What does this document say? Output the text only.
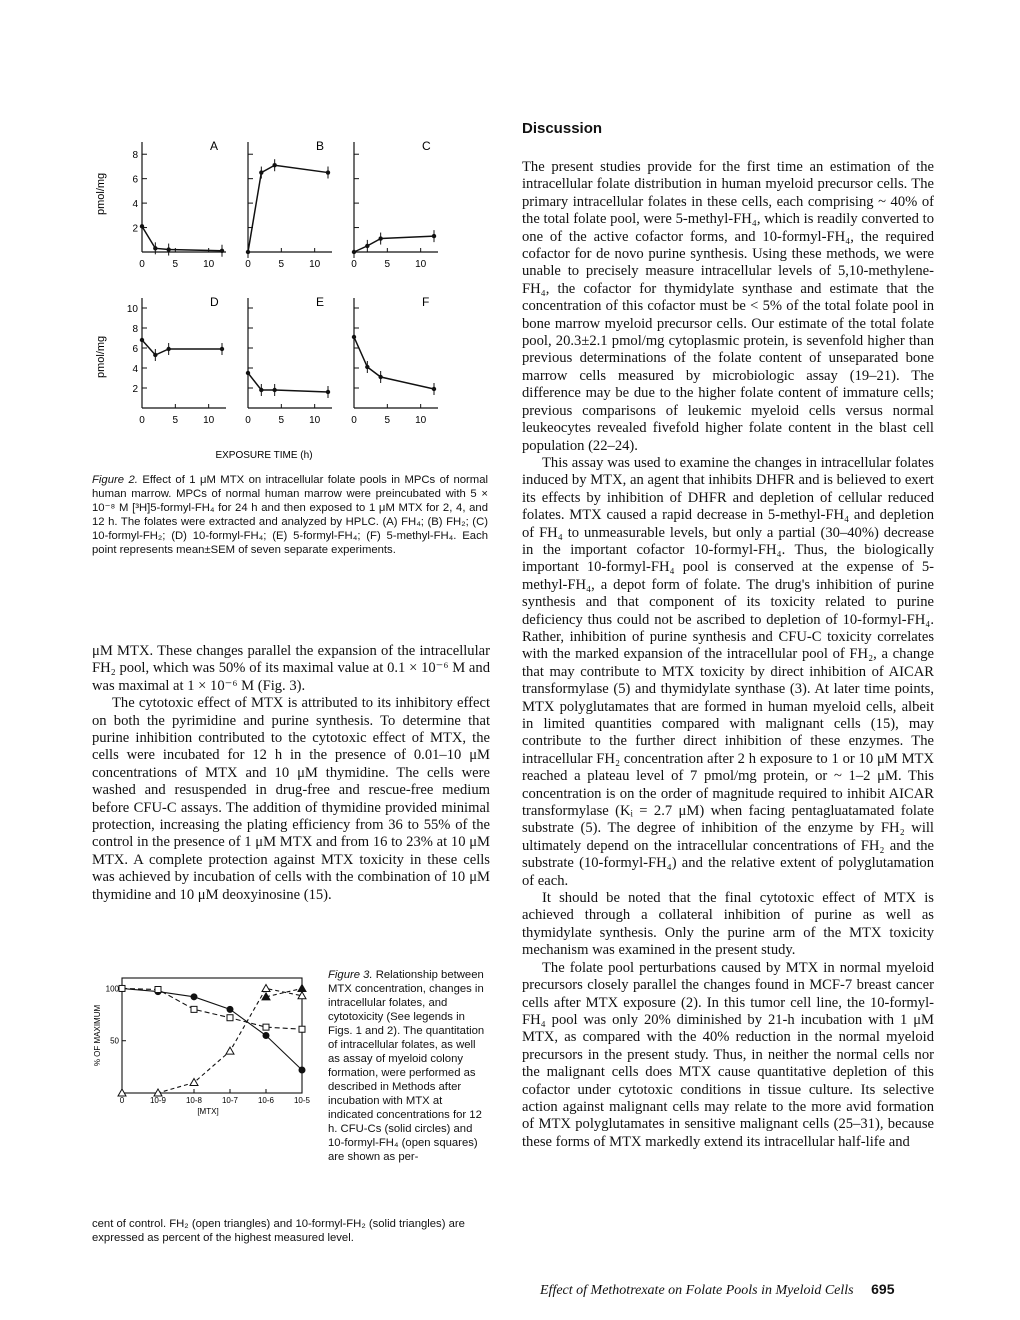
2
4
6
8
0	5 10
A
0	5 10
B
0	5 10
C
2
4
6
8
10
0	5 10
D
0	5 10
E
0	5 10
F
pmol/mg
pmol/mg
EXPOSURE TIME (h)
Figure 2. Effect of 1 μM MTX on intracellular folate pools in MPCs of normal human marrow. MPCs of normal human marrow were preincubated with 5 × 10⁻⁸ M [³H]5-formyl-FH₄ for 24 h and then exposed to 1 μM MTX for 2, 4, and 12 h. The folates were extracted and analyzed by HPLC. (A) FH₄; (B) FH₂; (C) 10-formyl-FH₂; (D) 10-formyl-FH₄; (E) 5-formyl-FH₄; (F) 5-methyl-FH₄. Each point represents mean±SEM of seven separate experiments.

μM MTX. These changes parallel the expansion of the intracellular FH₂ pool, which was 50% of its maximal value at 0.1 × 10⁻⁶ M and was maximal at 1 × 10⁻⁶ M (Fig. 3).

The cytotoxic effect of MTX is attributed to its inhibitory effect on both the pyrimidine and purine synthesis. To determine that purine inhibition contributed to the cytotoxic effect of MTX, the cells were incubated for 12 h in the presence of 0.01–10 μM concentrations of MTX and 10 μM thymidine. The cells were washed and resuspended in drug-free and rescue-free medium before CFU-C assays. The addition of thymidine provided minimal protection, increasing the plating efficiency from 36 to 55% of the control in the presence of 1 μM MTX and from 16 to 23% at 10 μM MTX. A complete protection against MTX toxicity in these cells was achieved by incubation of cells with the combination of 10 μM thymidine and 10 μM deoxyinosine (15).

0	10-9 10-8 10-7 10-6 10-5
50
100
[MTX]
% OF MAXIMUM
Figure 3. Relationship between MTX concentration, changes in intracellular folates, and cytotoxicity (See legends in Figs. 1 and 2). The quantitation of intracellular folates, as well as assay of myeloid colony formation, were performed as described in Methods after incubation with MTX at indicated concentrations for 12 h. CFU-Cs (solid circles) and 10-formyl-FH₄ (open squares) are shown as per-
cent of control. FH₂ (open triangles) and 10-formyl-FH₂ (solid triangles) are expressed as percent of the highest measured level.
Discussion

The present studies provide for the first time an estimation of the intracellular folate distribution in human myeloid precursor cells. The primary intracellular folates in these cells, each comprising ~ 40% of the total folate pool, were 5-methyl-FH₄, which is readily converted to one of the active cofactor forms, and 10-formyl-FH₄, the required cofactor for de novo purine synthesis. Using these methods, we were unable to precisely measure intracellular levels of 5,10-methylene-FH₄, the cofactor for thymidylate synthase and estimate that the concentration of this cofactor must be < 5% of the total folate pool in bone marrow myeloid precursor cells. Our estimate of the total folate pool, 20.3±2.1 pmol/mg cytoplasmic protein, is sevenfold higher than previous determinations of the folate content of unseparated bone marrow cells measured by microbiologic assay (19–21). The difference may be due to the higher folate content of immature cells; previous comparisons of leukemic myeloid cells versus normal leukeocytes revealed fivefold higher folate content in the blast cell population (22–24).

This assay was used to examine the changes in intracellular folates induced by MTX, an agent that inhibits DHFR and is believed to exert its effects by inhibition of DHFR and depletion of cellular reduced folates. MTX caused a rapid decrease in 5-methyl-FH₄ and depletion of FH₄ to unmeasurable levels, but only a partial (30–40%) decrease in the important cofactor 10-formyl-FH₄. Thus, the biologically important 10-formyl-FH₄ pool is conserved at the expense of 5-methyl-FH₄, a depot form of folate. The drug's inhibition of purine synthesis and that component of its toxicity related to purine deficiency thus could not be ascribed to depletion of 10-formyl-FH₄. Rather, inhibition of purine synthesis and CFU-C toxicity correlates with the marked expansion of the intracellular pool of FH₂, a change that may contribute to MTX toxicity by direct inhibition of AICAR transformylase (5) and thymidylate synthase (3). At later time points, MTX polyglutamates that are formed in human myeloid cells, albeit in limited quantities compared with malignant cells (15), may contribute to the further direct inhibition of these enzymes. The intracellular FH₂ concentration after 2 h exposure to 1 or 10 μM MTX reached a plateau level of 7 pmol/mg protein, or ~ 1–2 μM. This concentration is on the order of magnitude required to inhibit AICAR transformylase (Kᵢ = 2.7 μM) when facing pentagluatamated folate substrate (5). The degree of inhibition of the enzyme by FH₂ will ultimately depend on the intracellular concentrations of FH₂ and the substrate (10-formyl-FH₄) and the relative extent of polyglutamation of each.

It should be noted that the final cytotoxic effect of MTX is achieved through a collateral inhibition of purine as well as thymidylate synthesis. Only the purine arm of the MTX toxicity mechanism was examined in the present study.

The folate pool perturbations caused by MTX in normal myeloid precursors closely parallel the changes found in MCF-7 breast cancer cells after MTX exposure (2). In this tumor cell line, the 10-formyl-FH₄ pool was only 20% diminished by 21-h incubation with 1 μM MTX, as compared with the 40% reduction in the normal myeloid precursors in the present study. Thus, in neither the normal cells nor the malignant cells does MTX cause quantitative depletion of this cofactor under cytotoxic conditions in tissue culture. Its selective action against malignant cells may relate to the more avid formation of MTX polyglutamates in sensitive malignant cells (25–31), because these forms of MTX markedly extend its intracellular half-life and

Effect of Methotrexate on Folate Pools in Myeloid Cells 695
